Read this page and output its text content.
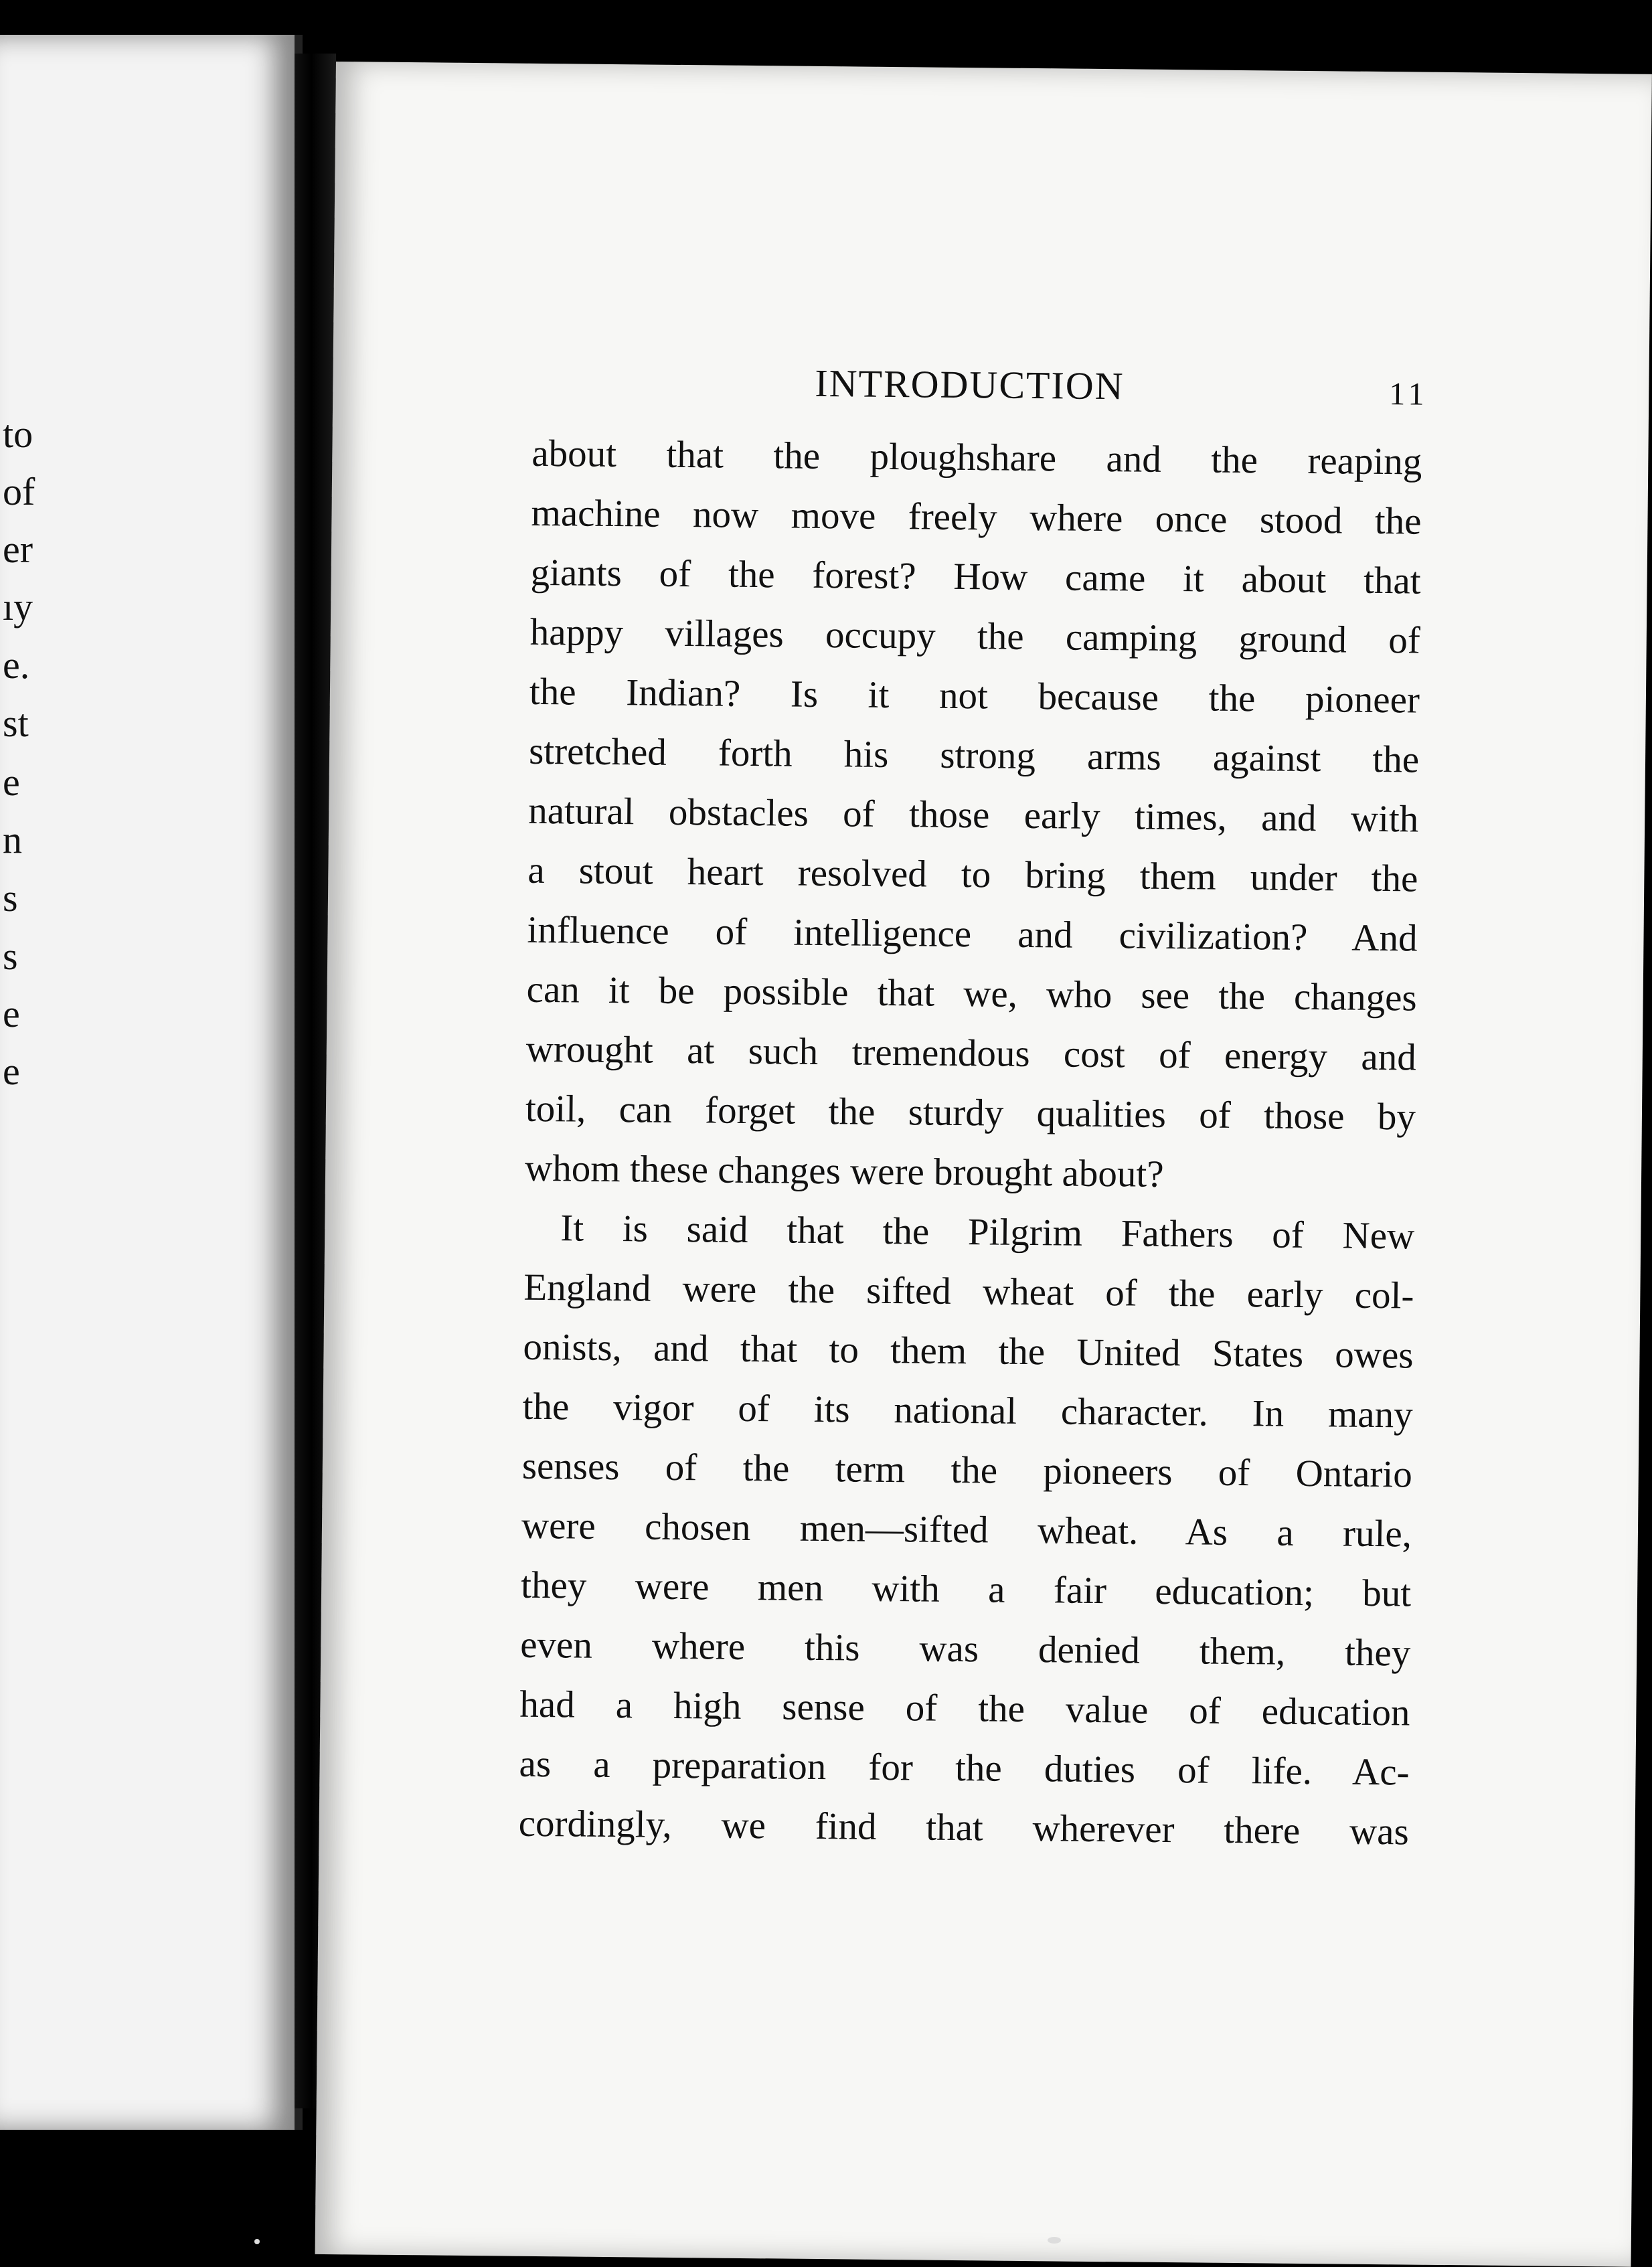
to
of
er
ıy
e.
st
e
n
s
s
e
e
INTRODUCTION	11
about that the ploughshare and the reaping
machine now move freely where once stood the
giants of the forest? How came it about that
happy villages occupy the camping ground of
the Indian? Is it not because the pioneer
stretched forth his strong arms against the
natural obstacles of those early times, and with
a stout heart resolved to bring them under the
influence of intelligence and civilization? And
can it be possible that we, who see the changes
wrought at such tremendous cost of energy and
toil, can forget the sturdy qualities of those by
whom these changes were brought about?
It is said that the Pilgrim Fathers of New
England were the sifted wheat of the early col-
onists, and that to them the United States owes
the vigor of its national character. In many
senses of the term the pioneers of Ontario
were chosen men—sifted wheat. As a rule,
they were men with a fair education; but
even where this was denied them, they
had a high sense of the value of education
as a preparation for the duties of life. Ac-
cordingly, we find that wherever there was
